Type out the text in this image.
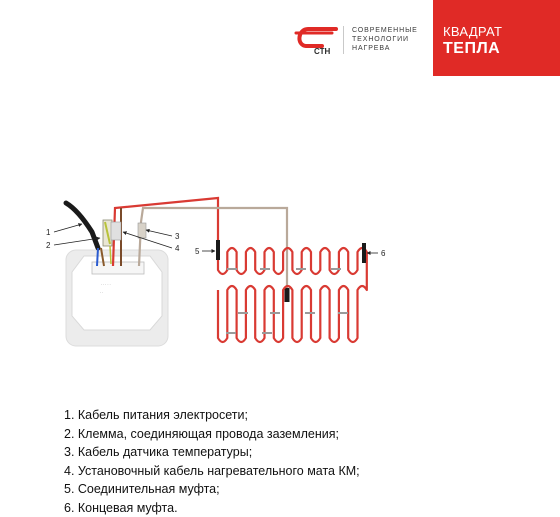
СТН
СОВРЕМЕННЫЕ
ТЕХНОЛОГИИ
НАГРЕВА
КВАДРАТ
ТЕПЛА
· · · · ·
· ·
1
2
3
4 5	6
1. Кабель питания электросети;
2. Клемма, соединяющая провода заземления;
3. Кабель датчика температуры;
4. Установочный кабель нагревательного мата КМ;
5. Соединительная муфта;
6. Концевая муфта.
